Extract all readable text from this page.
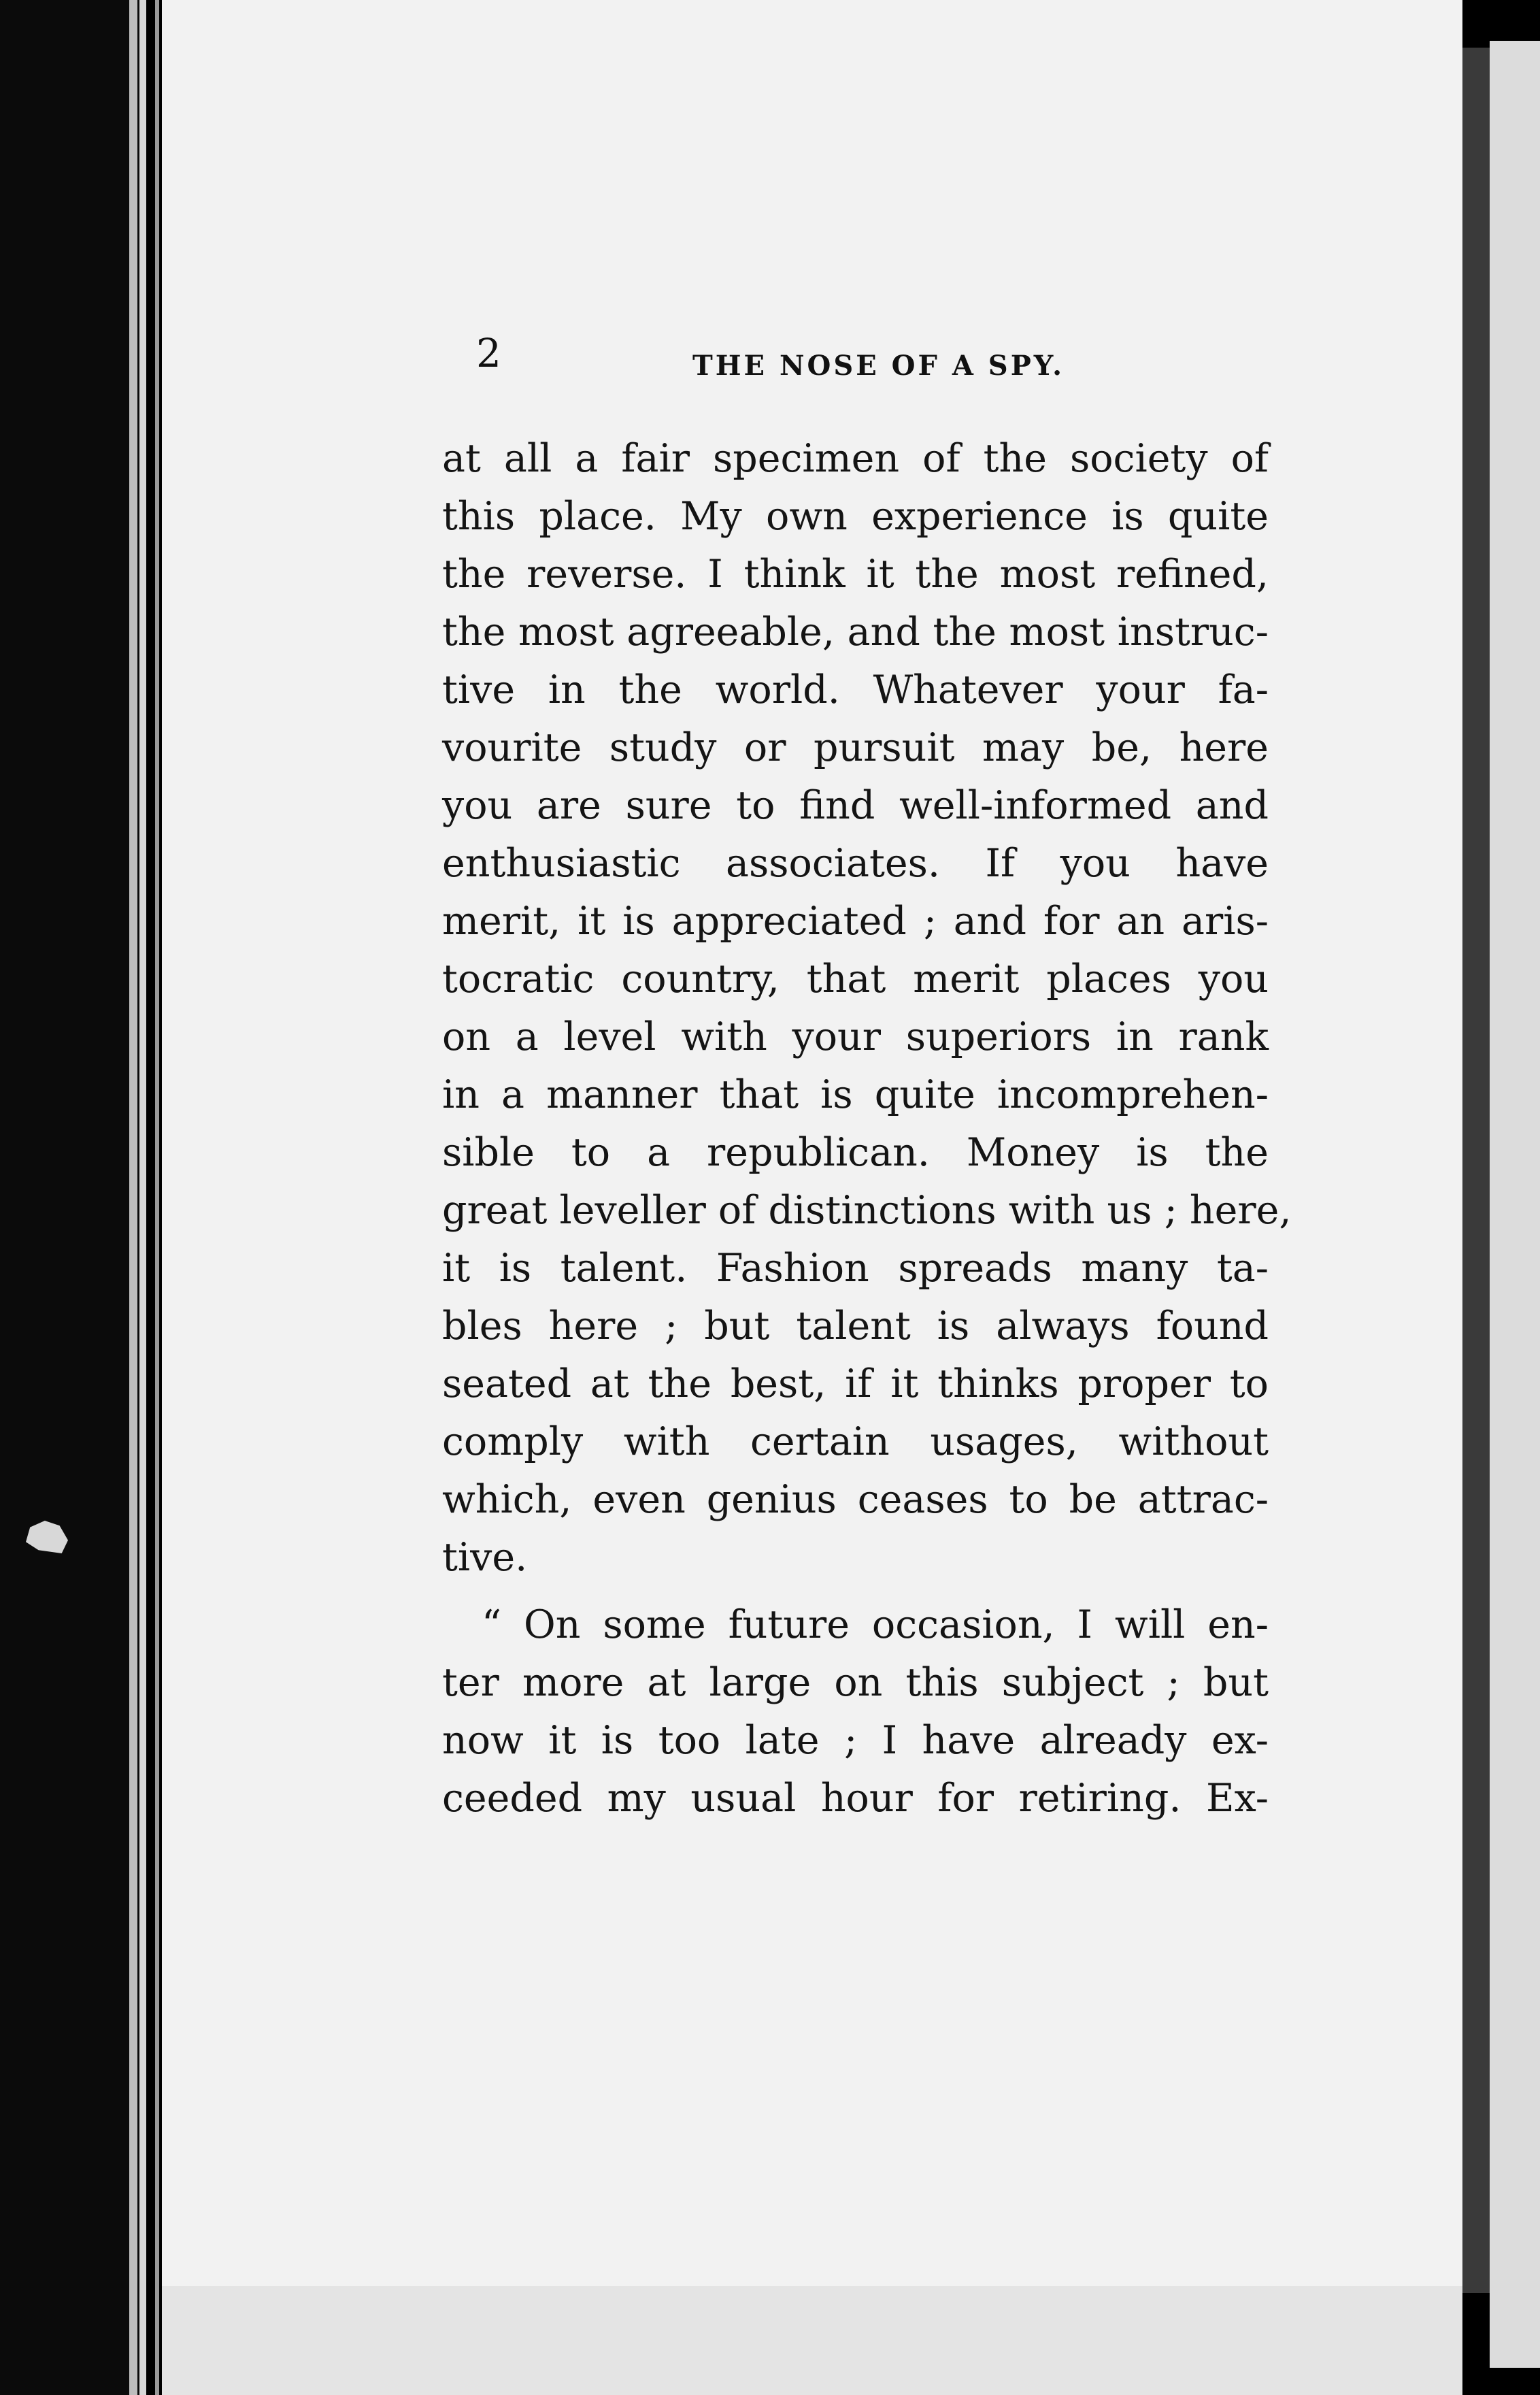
2	THE NOSE OF A SPY.
at all a fair specimen of the society of
this place. My own experience is quite
the reverse. I think it the most refined,
the most agreeable, and the most instruc-
tive in the world. Whatever your fa-
vourite study or pursuit may be, here
you are sure to find well-informed and
enthusiastic associates. If you have
merit, it is appreciated ; and for an aris-
tocratic country, that merit places you
on a level with your superiors in rank
in a manner that is quite incomprehen-
sible to a republican. Money is the
great leveller of distinctions with us ; here,
it is talent. Fashion spreads many ta-
bles here ; but talent is always found
seated at the best, if it thinks proper to
comply with certain usages, without
which, even genius ceases to be attrac-
tive.
“ On some future occasion, I will en-
ter more at large on this subject ; but
now it is too late ; I have already ex-
ceeded my usual hour for retiring. Ex-
